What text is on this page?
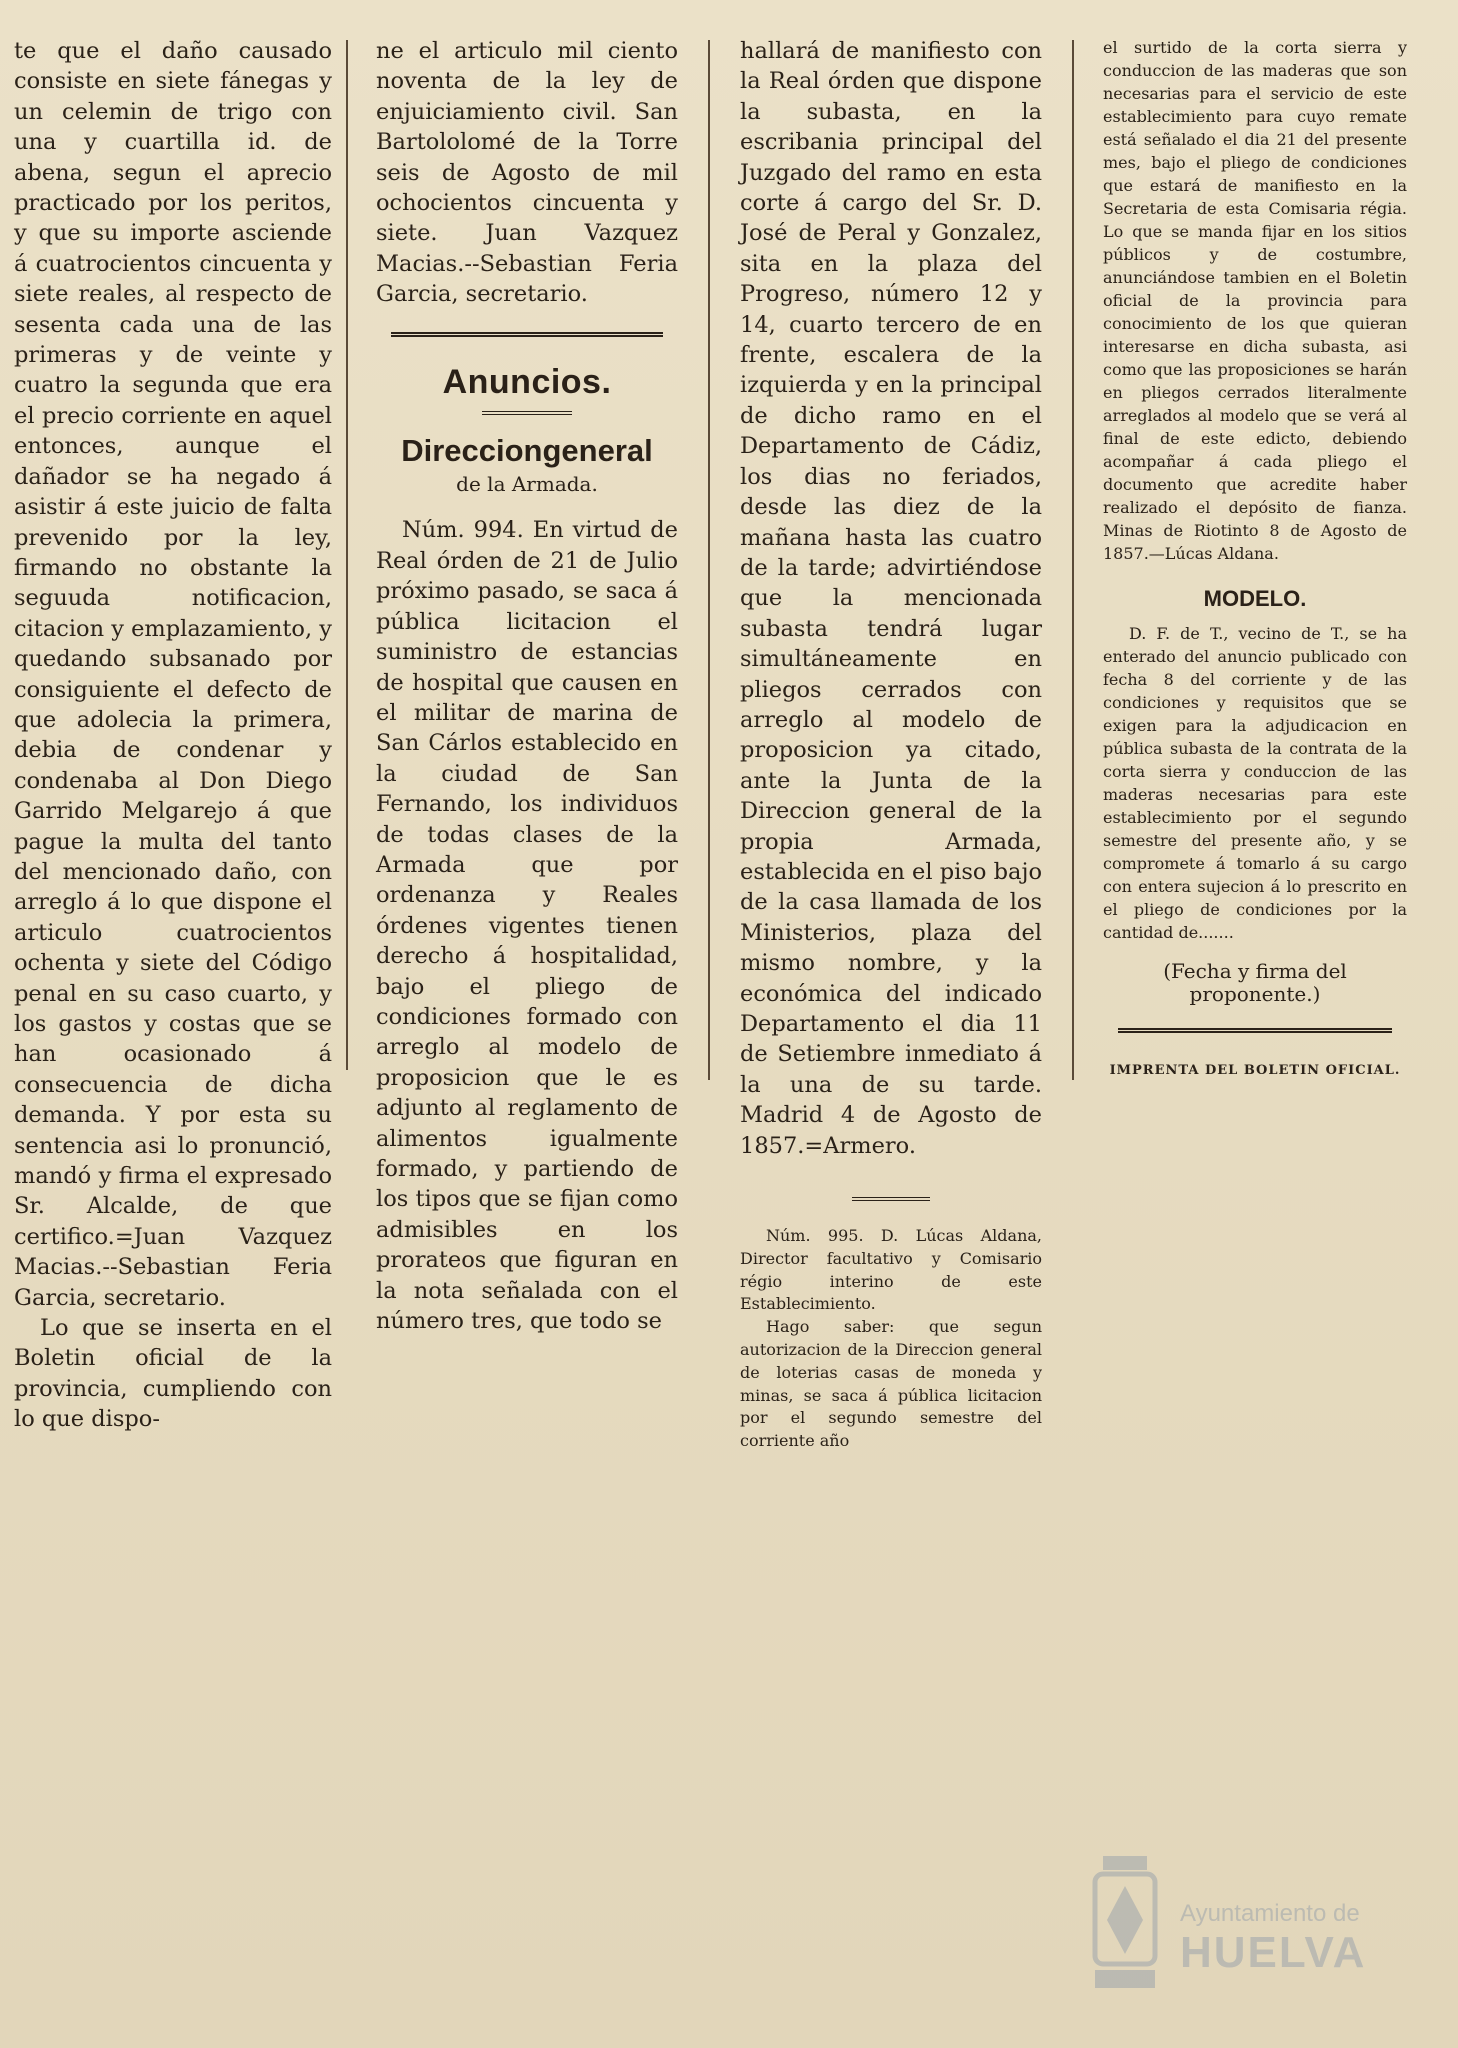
te que el daño causado consiste en siete fánegas y un celemin de trigo con una y cuartilla id. de abena, segun el aprecio practicado por los peritos, y que su importe asciende á cuatrocientos cincuenta y siete reales, al respecto de sesenta cada una de las primeras y de veinte y cuatro la segunda que era el precio corriente en aquel entonces, aunque el dañador se ha negado á asistir á este juicio de falta prevenido por la ley, firmando no obstante la seguuda notificacion, citacion y emplazamiento, y quedando subsanado por consiguiente el defecto de que adolecia la primera, debia de condenar y condenaba al Don Diego Garrido Melgarejo á que pague la multa del tanto del mencionado daño, con arreglo á lo que dispone el articulo cuatrocientos ochenta y siete del Código penal en su caso cuarto, y los gastos y costas que se han ocasionado á consecuencia de dicha demanda. Y por esta su sentencia asi lo pronunció, mandó y firma el expresado Sr. Alcalde, de que certifico.=Juan Vazquez Macias.--Sebastian Feria Garcia, secretario.

Lo que se inserta en el Boletin oficial de la provincia, cumpliendo con lo que dispo-

ne el articulo mil ciento noventa de la ley de enjuiciamiento civil. San Bartololomé de la Torre seis de Agosto de mil ochocientos cincuenta y siete. Juan Vazquez Macias.--Sebastian Feria Garcia, secretario.

Anuncios.

Direcciongeneral

de la Armada.

Núm. 994. En virtud de Real órden de 21 de Julio próximo pasado, se saca á pública licitacion el suministro de estancias de hospital que causen en el militar de marina de San Cárlos establecido en la ciudad de San Fernando, los individuos de todas clases de la Armada que por ordenanza y Reales órdenes vigentes tienen derecho á hospitalidad, bajo el pliego de condiciones formado con arreglo al modelo de proposicion que le es adjunto al reglamento de alimentos igualmente formado, y partiendo de los tipos que se fijan como admisibles en los prorateos que figuran en la nota señalada con el número tres, que todo se

hallará de manifiesto con la Real órden que dispone la subasta, en la escribania principal del Juzgado del ramo en esta corte á cargo del Sr. D. José de Peral y Gonzalez, sita en la plaza del Progreso, número 12 y 14, cuarto tercero de en frente, escalera de la izquierda y en la principal de dicho ramo en el Departamento de Cádiz, los dias no feriados, desde las diez de la mañana hasta las cuatro de la tarde; advirtiéndose que la mencionada subasta tendrá lugar simultáneamente en pliegos cerrados con arreglo al modelo de proposicion ya citado, ante la Junta de la Direccion general de la propia Armada, establecida en el piso bajo de la casa llamada de los Ministerios, plaza del mismo nombre, y la económica del indicado Departamento el dia 11 de Setiembre inmediato á la una de su tarde. Madrid 4 de Agosto de 1857.=Armero.

Núm. 995. D. Lúcas Aldana, Director facultativo y Comisario régio interino de este Establecimiento.

Hago saber: que segun autorizacion de la Direccion general de loterias casas de moneda y minas, se saca á pública licitacion por el segundo semestre del corriente año

el surtido de la corta sierra y conduccion de las maderas que son necesarias para el servicio de este establecimiento para cuyo remate está señalado el dia 21 del presente mes, bajo el pliego de condiciones que estará de manifiesto en la Secretaria de esta Comisaria régia. Lo que se manda fijar en los sitios públicos y de costumbre, anunciándose tambien en el Boletin oficial de la provincia para conocimiento de los que quieran interesarse en dicha subasta, asi como que las proposiciones se harán en pliegos cerrados literalmente arreglados al modelo que se verá al final de este edicto, debiendo acompañar á cada pliego el documento que acredite haber realizado el depósito de fianza. Minas de Riotinto 8 de Agosto de 1857.—Lúcas Aldana.

MODELO.

D. F. de T., vecino de T., se ha enterado del anuncio publicado con fecha 8 del corriente y de las condiciones y requisitos que se exigen para la adjudicacion en pública subasta de la contrata de la corta sierra y conduccion de las maderas necesarias para este establecimiento por el segundo semestre del presente año, y se compromete á tomarlo á su cargo con entera sujecion á lo prescrito en el pliego de condiciones por la cantidad de.......

(Fecha y firma del proponente.)

IMPRENTA DEL BOLETIN OFICIAL.

Ayuntamiento de
HUELVA
